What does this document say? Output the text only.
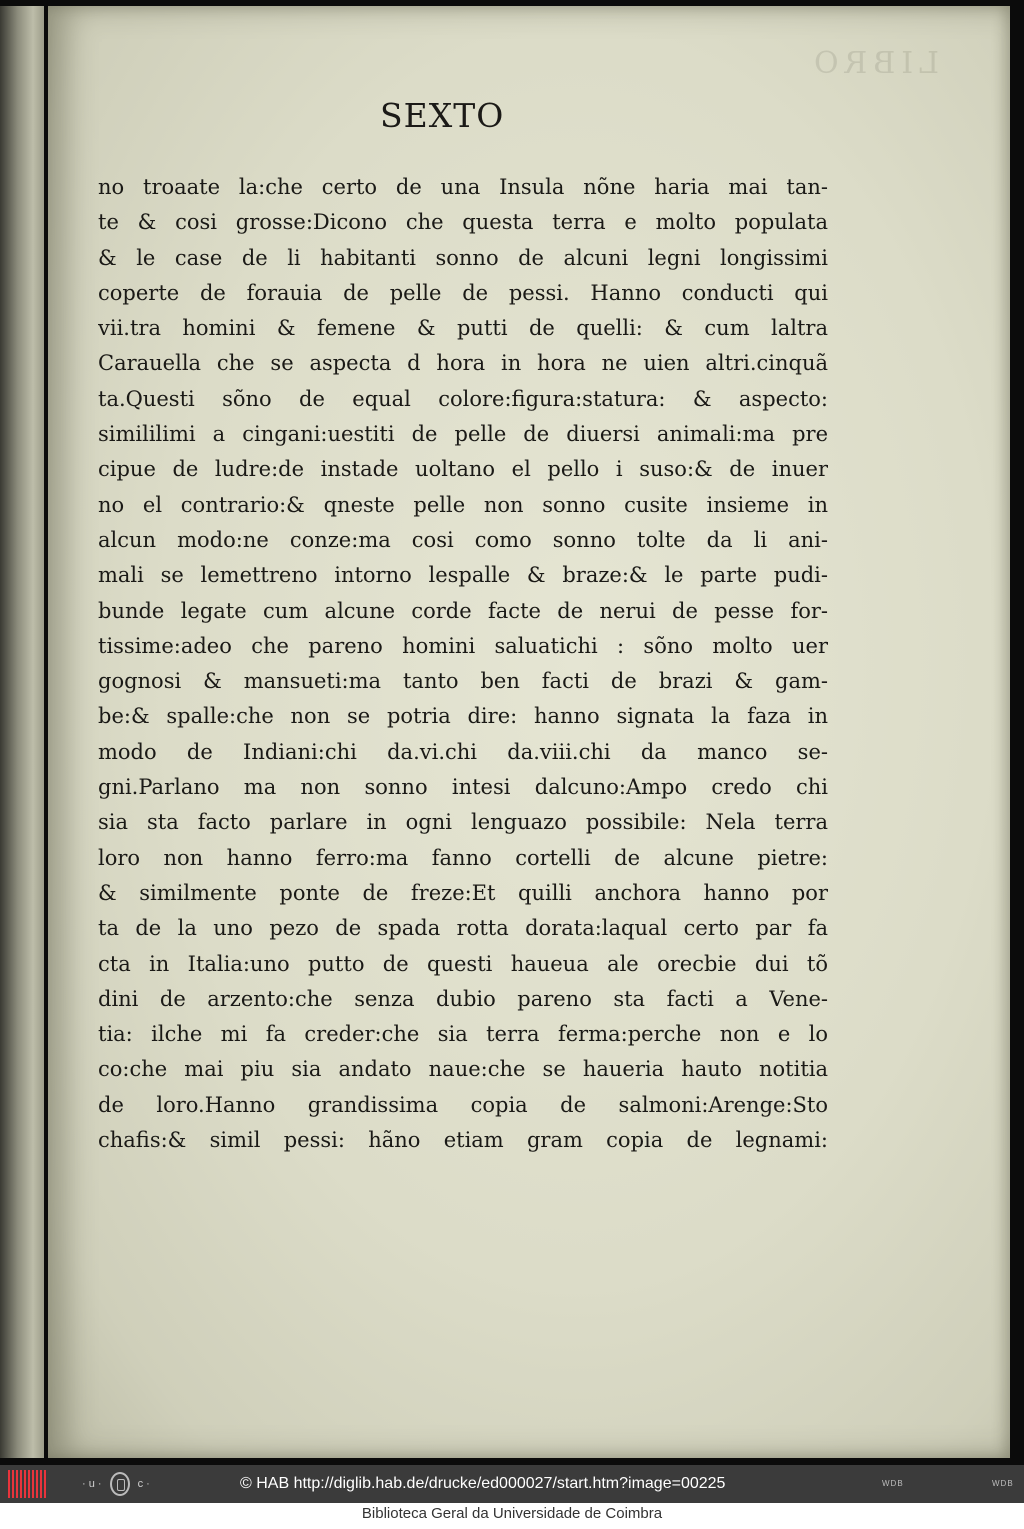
LIBRO
SEXTO
no troaate la:che certo de una Insula nõne haria mai tan-
te & cosi grosse:Dicono che questa terra e molto populata
& le case de li habitanti sonno de alcuni legni longissimi
coperte de forauia de pelle de pessi. Hanno conducti qui
vii.tra homini & femene & putti de quelli: & cum laltra
Carauella che se aspecta d hora in hora ne uien altri.cinquã
ta.Questi sõno de equal colore:figura:statura: & aspecto:
simililimi a cingani:uestiti de pelle de diuersi animali:ma pre
cipue de ludre:de instade uoltano el pello i suso:& de inuer
no el contrario:& qneste pelle non sonno cusite insieme in
alcun modo:ne conze:ma cosi como sonno tolte da li ani-
mali se lemettreno intorno lespalle & braze:& le parte pudi-
bunde legate cum alcune corde facte de nerui de pesse for-
tissime:adeo che pareno homini saluatichi : sõno molto uer
gognosi & mansueti:ma tanto ben facti de brazi & gam-
be:& spalle:che non se potria dire: hanno signata la faza in
modo de Indiani:chi da.vi.chi da.viii.chi da manco se-
gni.Parlano ma non sonno intesi dalcuno:Ampo credo chi
sia sta facto parlare in ogni lenguazo possibile: Nela terra
loro non hanno ferro:ma fanno cortelli de alcune pietre:
& similmente ponte de freze:Et quilli anchora hanno por
ta de la uno pezo de spada rotta dorata:laqual certo par fa
cta in Italia:uno putto de questi haueua ale orecbie dui tõ
dini de arzento:che senza dubio pareno sta facti a Vene-
tia: ilche mi fa creder:che sia terra ferma:perche non e lo
co:che mai piu sia andato naue:che se haueria hauto notitia
de loro.Hanno grandissima copia de salmoni:Arenge:Sto
chafis:& simil pessi: hãno etiam gram copia de legnami:
· u ·	c ·	© HAB http://diglib.hab.de/drucke/ed000027/start.htm?image=00225	WDB	WDB
Biblioteca Geral da Universidade de Coimbra
